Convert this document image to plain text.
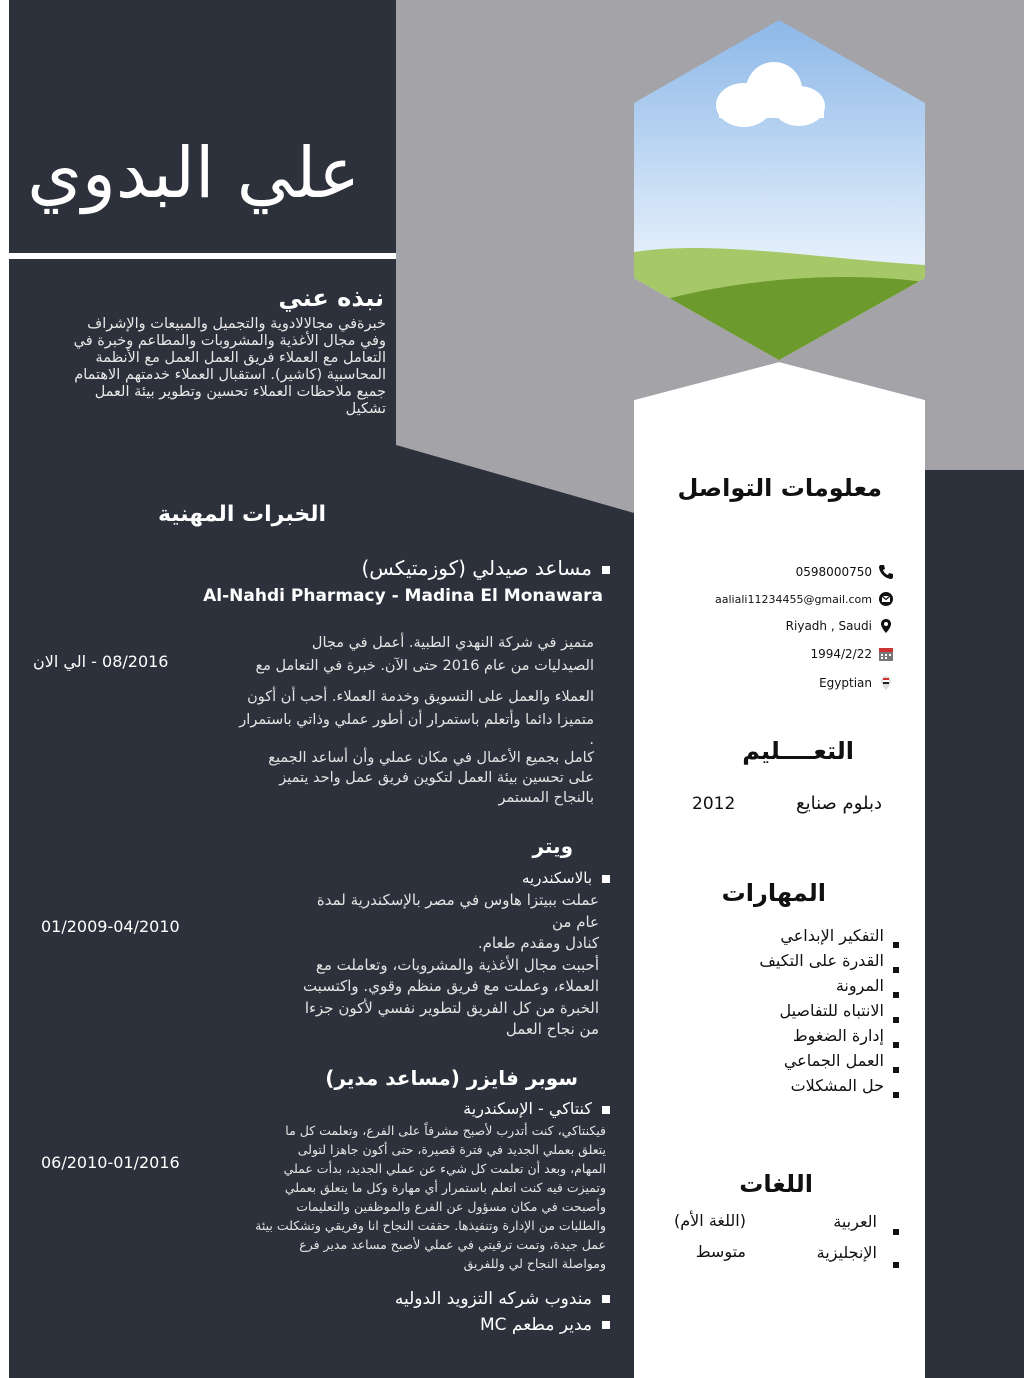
علي البدوي
نبذه عني
خبرةفي مجالالادوية والتجميل والمبيعات والإشراف
وفي مجال الأغذية والمشروبات والمطاعم وخبرة في
التعامل مع العملاء فريق العمل العمل مع الأنظمة
المحاسبية (كاشير). استقبال العملاء خدمتهم الاهتمام
جميع ملاحظات العملاء تحسين وتطوير بيئة العمل
تشكيل
الخبرات المهنية
مساعد صيدلي (كوزمتيكس)
Al-Nahdi Pharmacy - Madina El Monawara
08/2016 - الي الان
متميز في شركة النهدي الطبية. أعمل في مجال
الصيدليات من عام 2016 حتى الآن. خبرة في التعامل مع
العملاء والعمل على التسويق وخدمة العملاء. أحب أن أكون
متميزا دائما وأتعلم باستمرار أن أطور عملي وذاتي باستمرار
.
كامل بجميع الأعمال في مكان عملي وأن أساعد الجميع
على تحسين بيئة العمل لتكوين فريق عمل واحد يتميز
بالنجاح المستمر
ويتر
بالاسكندريه
01/2009-04/2010
عملت ببيتزا هاوس في مصر بالإسكندرية لمدة
عام من
كنادل ومقدم طعام.
أحببت مجال الأغذية والمشروبات، وتعاملت مع
العملاء، وعملت مع فريق منظم وقوي. واكتسبت
الخبرة من كل الفريق لتطوير نفسي لأكون جزءا
من نجاح العمل
سوبر فايزر (مساعد مدير)
كنتاكي - الإسكندرية
06/2010-01/2016
فيكنتاكي، كنت أتدرب لأصبح مشرفاً على الفرع، وتعلمت كل ما
يتعلق بعملي الجديد في فترة قصيرة، حتى أكون جاهزا لتولى
المهام، وبعد أن تعلمت كل شيء عن عملي الجديد، بدأت عملي
وتميزت فيه كنت اتعلم باستمرار أي مهارة وكل ما يتعلق بعملي
وأصبحت في مكان مسؤول عن الفرع والموظفين والتعليمات
والطلبات من الإدارة وتنفيذها. حققت النجاح انا وفريقي وتشكلت بيئة
عمل جيدة، وتمت ترقيتي في عملي لأصبح مساعد مدير فرع
ومواصلة النجاح لي وللفريق
مندوب شركه التزويد الدوليه
مدير مطعم MC
معلومات التواصل
0598000750
aaliali11234455@gmail.com
Riyadh , Saudi
1994/2/22
Egyptian
التعــــليم
دبلوم صنايع
2012
المهارات
التفكير الإبداعي
القدرة على التكيف
المرونة
الانتباه للتفاصيل
إدارة الضغوط
العمل الجماعي
حل المشكلات
اللغات
العربية
(اللغة الأم)
الإنجليزية
متوسط
